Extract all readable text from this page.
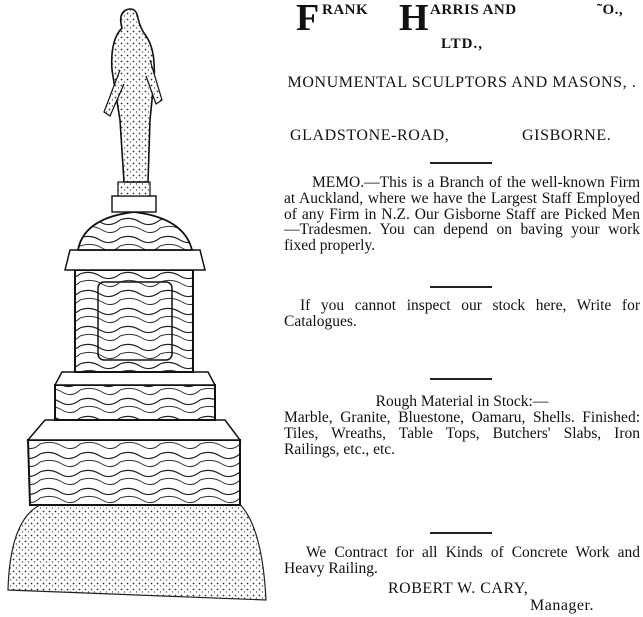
F RANK H ARRIS AND	˜O.,
LTD.,
MONUMENTAL SCULPTORS AND MASONS, .
GLADSTONE-ROAD,	GISBORNE.
MEMO.—This is a Branch of the well-known Firm at Auckland, where we have the Largest Staff Employed of any Firm in N.Z. Our Gisborne Staff are Picked Men—Tradesmen. You can depend on baving your work fixed properly.
If you cannot inspect our stock here, Write for Catalogues.
Rough Material in Stock:—
Marble, Granite, Bluestone, Oamaru, Shells. Finished: Tiles, Wreaths, Table Tops, Butchers' Slabs, Iron Railings, etc., etc.
We Contract for all Kinds of Concrete Work and Heavy Railing.
ROBERT W. CARY,
Manager.
